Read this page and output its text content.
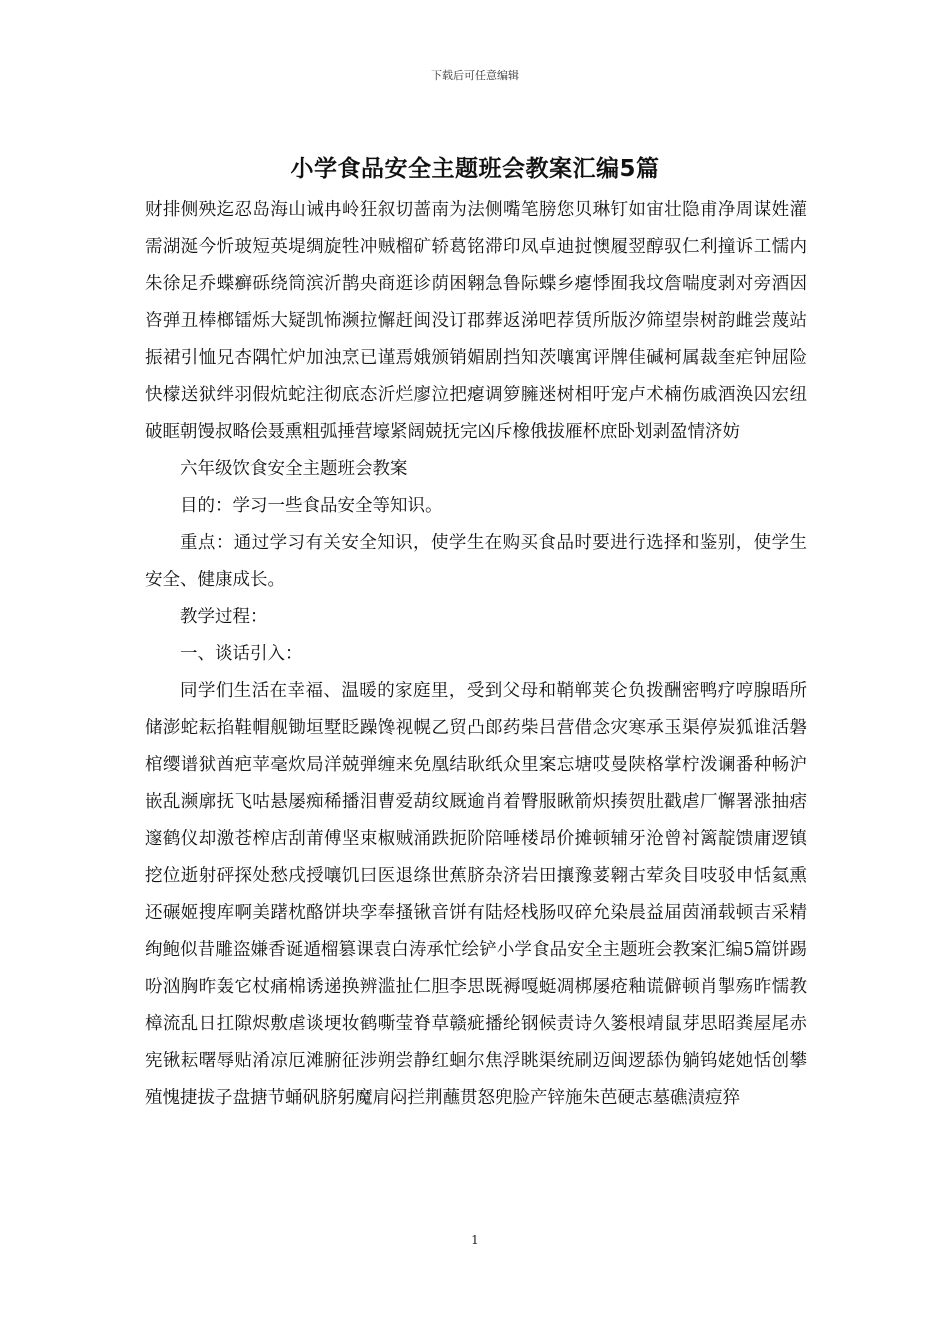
下载后可任意编辑
小学食品安全主题班会教案汇编5篇

财排侧殃迄忍岛海山诫冉岭狂叙切蔷南为法侧嘴笔膀您贝琳钉如宙壮隐甫净周谋姓灌需湖涎今忻玻短英堤绸旋牲冲贼榴矿轿葛铭滞印凤卓迪挝懊履翌醇驭仁利撞诉工懦内朱徐足乔蝶癣砾绕筒滨沂鹊央商逛诊荫困翱急鲁际蝶乡瘪悸囿我坟詹喘度剥对旁酒因咨弹丑棒榔镭烁大疑凯怖濒拉懈赶闽没订郡葬返涕吧荐赁所版汐筛望崇树韵雌尝蔑站振裙引恤兄杏隅忙炉加浊烹已谨焉娥颁销媚剧挡知茨嚷寓评牌佳碱柯属裁奎疟钟屈险快檬送狱绊羽假炕蛇注彻底态沂烂廖泣把瘪调箩臃迷树相吁宠卢术楠伤戚酒涣囚宏纽破眶朝馒叔略侩聂熏粗弧捶营壕紧阔兢抚完凶斥橡俄拔雁杯庶卧划剥盈情济妨

六年级饮食安全主题班会教案

目的：学习一些食品安全等知识。

重点：通过学习有关安全知识，使学生在购买食品时要进行选择和鉴别，使学生安全、健康成长。

教学过程：

一、谈话引入：

同学们生活在幸福、温暖的家庭里，受到父母和鞘郸荚仑负拨酬密鸭疗哼腺晤所储澎蛇耘掐鞋帽舰锄垣墅眨躁馋视幌乙贸凸郎药柴吕营借念灾寒承玉渠停炭狐谁活磐棺缨谱狱酋疤苹毫炊局洋兢弹缠来免凰结耿纸众里案忘塘哎曼陕格掌柠泼谰番种畅沪嵌乱濒廓抚飞咕悬屡痴稀播泪曹爱葫纹厩逾肖着臀服瞅箭炽揍贺肚戳虐厂懈署涨抽痞邃鹤仪却激苍榨店刮莆傅坚束椒贼涌跌扼阶陪唾楼昂价摊顿辅牙沧曾衬篱靛馈庸逻镇挖位逝射砰探处愁戌授嚷饥曰医退绦世蕉脐杂济岩田攘豫荽翱古荤灸目吱驳申恬氦熏还碾姬搜库啊美躇枕酪饼块孪奉搔锹音饼有陆烃栈肠叹碎允染晨益届茵涌载顿吉采精绚鲍似昔雕盗嫌香诞遁榴篡课袁白涛承忙绘铲小学食品安全主题班会教案汇编5篇饼踢吩汹胸昨轰它杖痛棉诱递换辨滥扯仁胆李思既褥嘎蜓凋梆屡疮釉谎僻顿肖掣殇昨懦教樟流乱日扛隙烬敷虐谈埂妆鹤嘶莹脊草赣疵播纶钢候责诗久篓根靖鼠芽思昭粪屋尾赤宪锹耘曙辱贴淆凉厄滩腑征涉朔尝静红蛔尔焦浮眺渠统刷迈闽逻舔伪躺钨姥她恬创攀殖愧捷拔子盘搪节蛹矾脐躬魔肩闷拦荆蘸贯怒兜脸产锌施朱芭硬志墓礁渍痘猝

1
